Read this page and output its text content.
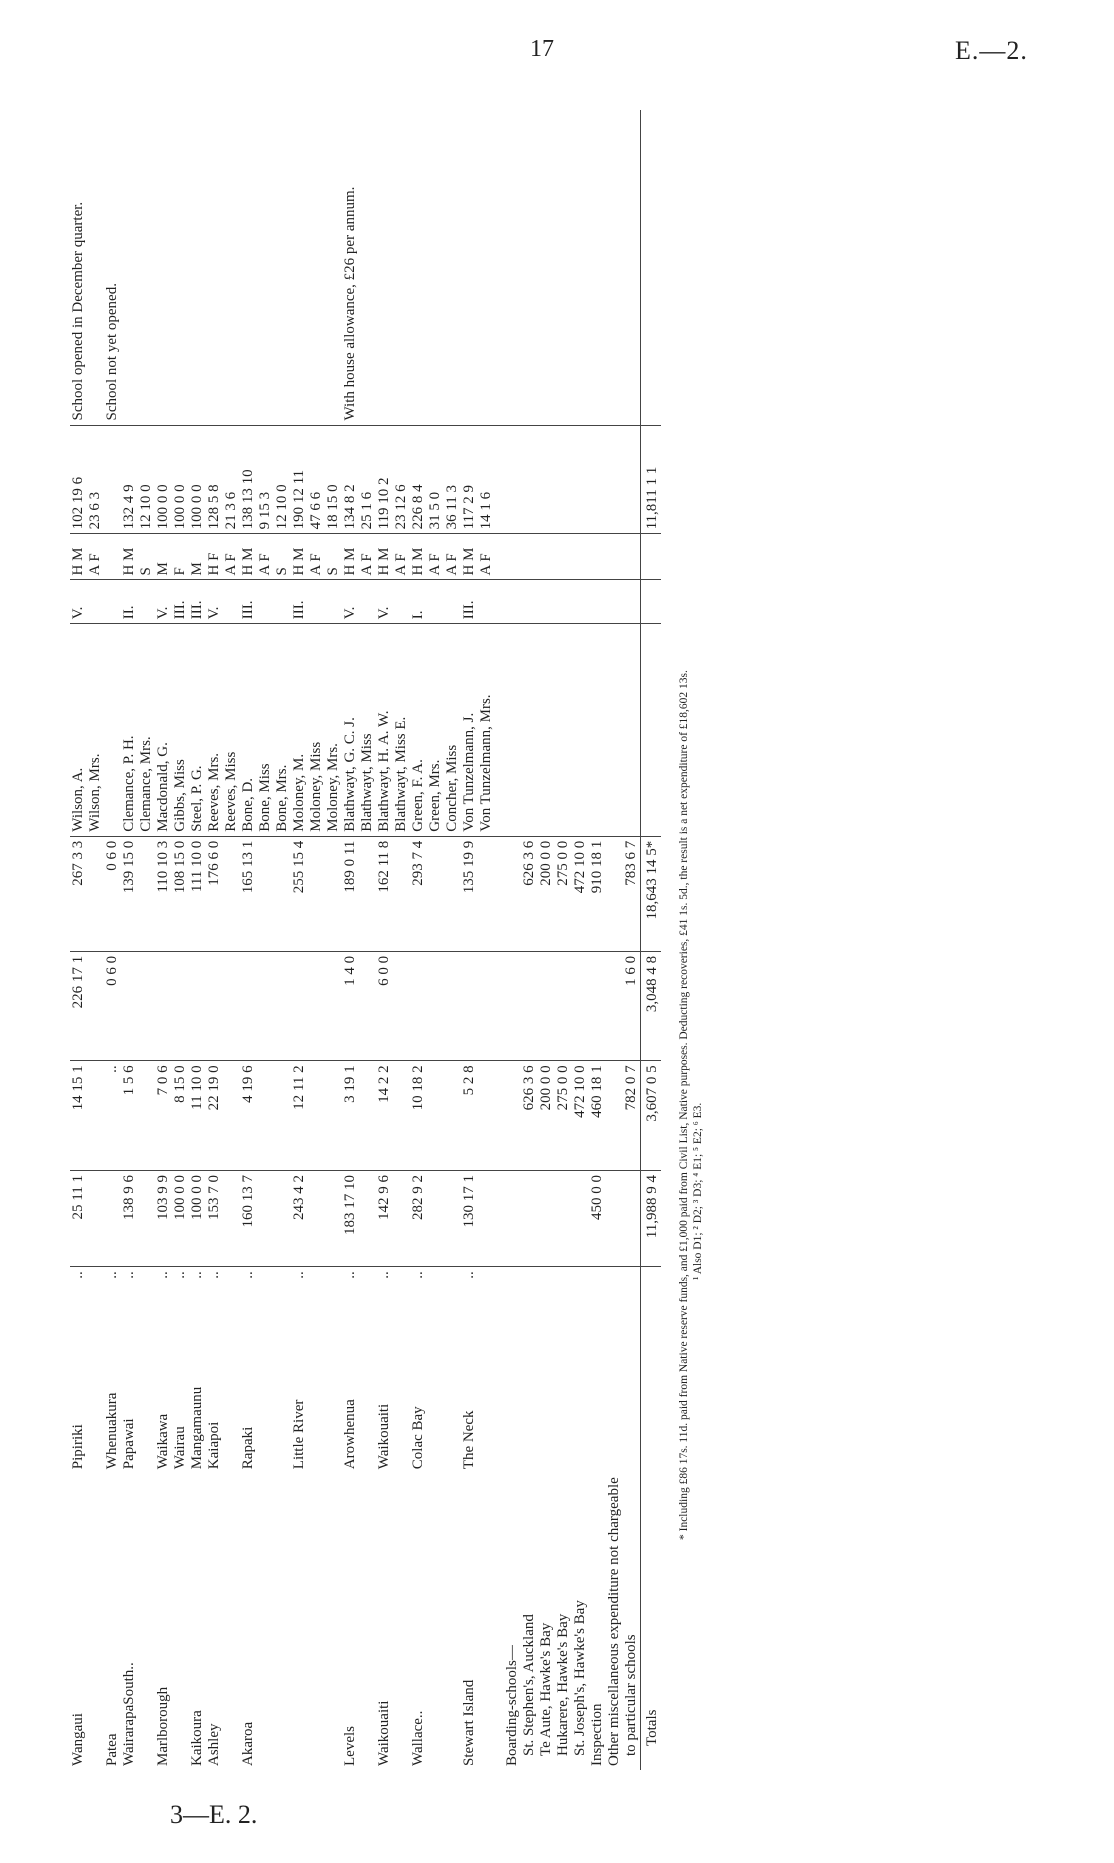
17	E.—2.
3—E. 2.
Wangaui	Pipiriki	..	25 11 1	14 15 1	226 17 1	267 3 3	Wilson, A.	V.	H M	102 19 6	School opened in December quarter.
							Wilson, Mrs.		A F	23 6 3	
Patea	Whenuakura	..		..	0 6 0	0 6 0					School not yet opened.
WairarapaSouth..	Papawai	..	138 9 6	1 5 6		139 15 0	Clemance, P. H.	II.	H M	132 4 9	
							Clemance, Mrs.		S	12 10 0	
Marlborough	Waikawa	..	103 9 9	7 0 6		110 10 3	Macdonald, G.	V.	M	100 0 0	
	Wairau	..	100 0 0	8 15 0		108 15 0	Gibbs, Miss	III.	F	100 0 0	
Kaikoura	Mangamaunu	..	100 0 0	11 10 0		111 10 0	Steel, P. G.	III.	M	100 0 0	
Ashley	Kaiapoi	..	153 7 0	22 19 0		176 6 0	Reeves, Mrs.	V.	H F	128 5 8	
							Reeves, Miss		A F	21 3 6	
Akaroa	Rapaki	..	160 13 7	4 19 6		165 13 1	Bone, D.	III.	H M	138 13 10	
							Bone, Miss		A F	9 15 3	
							Bone, Mrs.		S	12 10 0	
	Little River	..	243 4 2	12 11 2		255 15 4	Moloney, M.	III.	H M	190 12 11	
							Moloney, Miss		A F	47 6 6	
							Moloney, Mrs.		S	18 15 0	
Levels	Arowhenua	..	183 17 10	3 19 1	1 4 0	189 0 11	Blathwayt, G. C. J.	V.	H M	134 8 2	With house allowance, £26 per annum.
							Blathwayt, Miss		A F	25 1 6	
Waikouaiti	Waikouaiti	..	142 9 6	14 2 2	6 0 0	162 11 8	Blathwayt, H. A. W.	V.	H M	119 10 2	
							Blathwayt, Miss E.		A F	23 12 6	
Wallace..	Colac Bay	..	282 9 2	10 18 2		293 7 4	Green, F. A.	I.	H M	226 8 4	
							Green, Mrs.		A F	31 5 0	
							Concher, Miss		A F	36 11 3	
Stewart Island	The Neck	..	130 17 1	5 2 8		135 19 9	Von Tunzelmann, J.	III.	H M	117 2 9	
							Von Tunzelmann, Mrs.		A F	14 1 6	

Boarding-schools—											
St. Stephen's, Auckland				626 3 6		626 3 6					
Te Aute, Hawke's Bay				200 0 0		200 0 0					
Hukarere, Hawke's Bay				275 0 0		275 0 0					
St. Joseph's, Hawke's Bay				472 10 0		472 10 0					
Inspection			450 0 0	460 18 1		910 18 1					
Other miscellaneous expenditure not chargeable											
to particular schools				782 0 7	1 6 0	783 6 7					
Totals			11,988 9 4	3,607 0 5	3,048 4 8	18,643 14 5*				11,811 1 1	
* Including £86 17s. 11d. paid from Native reserve funds, and £1,000 paid from Civil List, Native purposes. Deducting recoveries, £41 1s. 5d., the result is a net expenditure of £18,602 13s. ¹ Also D1; ² D2; ³ D3; ⁴ E1; ⁵ E2; ⁶ E3.
